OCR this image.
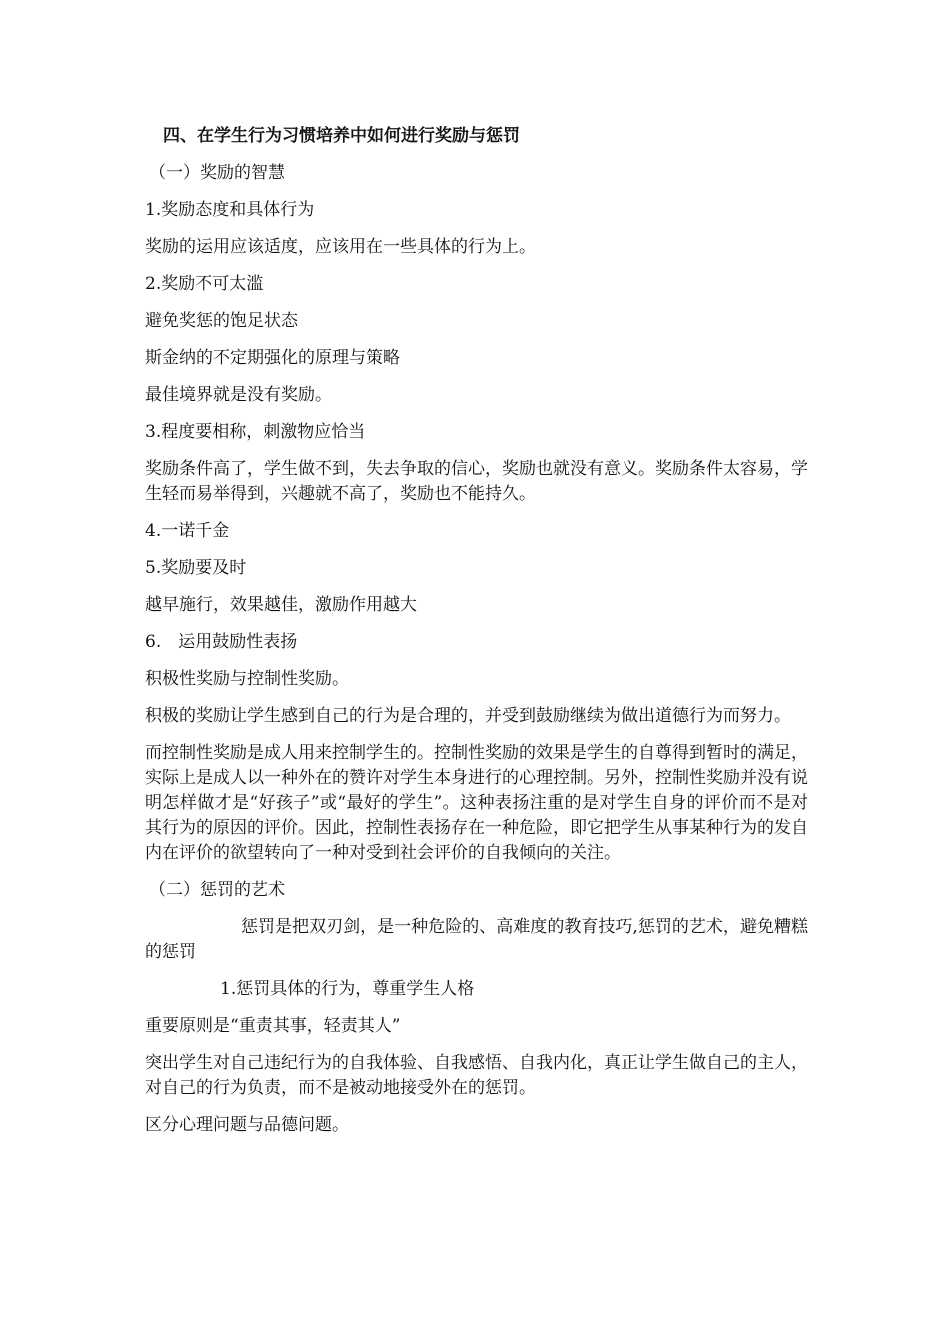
四、在学生行为习惯培养中如何进行奖励与惩罚

（一）奖励的智慧

1.奖励态度和具体行为

奖励的运用应该适度，应该用在一些具体的行为上。

2.奖励不可太滥

避免奖惩的饱足状态

斯金纳的不定期强化的原理与策略

最佳境界就是没有奖励。

3.程度要相称，刺激物应恰当

奖励条件高了，学生做不到，失去争取的信心，奖励也就没有意义。奖励条件太容易，学生轻而易举得到，兴趣就不高了，奖励也不能持久。

4.一诺千金

5.奖励要及时

越早施行，效果越佳，激励作用越大

6.　运用鼓励性表扬

积极性奖励与控制性奖励。

积极的奖励让学生感到自己的行为是合理的，并受到鼓励继续为做出道德行为而努力。

而控制性奖励是成人用来控制学生的。控制性奖励的效果是学生的自尊得到暂时的满足，实际上是成人以一种外在的赞许对学生本身进行的心理控制。另外，控制性奖励并没有说明怎样做才是“好孩子”或“最好的学生”。这种表扬注重的是对学生自身的评价而不是对其行为的原因的评价。因此，控制性表扬存在一种危险，即它把学生从事某种行为的发自内在评价的欲望转向了一种对受到社会评价的自我倾向的关注。

（二）惩罚的艺术

惩罚是把双刃剑，是一种危险的、高难度的教育技巧,惩罚的艺术，避免糟糕的惩罚

1.惩罚具体的行为，尊重学生人格

重要原则是“重责其事，轻责其人”

突出学生对自己违纪行为的自我体验、自我感悟、自我内化，真正让学生做自己的主人，对自己的行为负责，而不是被动地接受外在的惩罚。

区分心理问题与品德问题。
